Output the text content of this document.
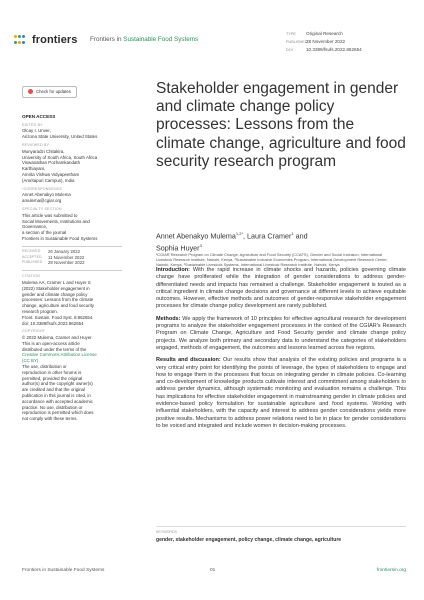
frontiers Frontiers in Sustainable Food Systems
TYPE Original Research
PUBLISHED28 November 2022
DOI	10.3389/fsufs.2022.862654
Check for updates
OPEN ACCESS
EDITED BY
Olcay I. Unver,
Arizona State University, United States
REVIEWED BY
Munyaradzi Chitakira,
University of South Africa, South Africa
Viswanathan Pozhamkandath
Karthiayani,
Amrita Vishwa Vidyapeetham
(Amritapuri Campus), India
*CORRESPONDENCE
Annet Abenakyo Mulema
amulema@cgiar.org
SPECIALTY SECTION
This article was submitted to
Social Movements, Institutions and
Governance,
a section of the journal
Frontiers in Sustainable Food Systems
RECEIVED	26 January 2022
ACCEPTED	11 November 2022
PUBLISHED	28 November 2022
CITATION
Mulema AA, Cramer L and Huyer S
(2022) Stakeholder engagement in
gender and climate change policy
processes: Lessons from the climate
change, agriculture and food security
research program.
Front. Sustain. Food Syst. 6:862654.
doi: 10.3389/fsufs.2022.862654
COPYRIGHT
© 2022 Mulema, Cramer and Huyer.
This is an open-access article
distributed under the terms of the
Creative Commons Attribution License
(CC BY).
The use, distribution or
reproduction in other forums is
permitted, provided the original
author(s) and the copyright owner(s)
are credited and that the original
publication in this journal is cited, in
accordance with accepted academic
practice. No use, distribution or
reproduction is permitted which does
not comply with these terms.
Stakeholder engagement in gender and climate change policy processes: Lessons from the climate change, agriculture and food security research program
Annet Abenakyo Mulema$^{1,2*}$, Laura Cramer$^1$ and
Sophia Huyer$^3$
¹CGIAR Research Program on Climate Change, Agriculture and Food Security (CCAFS), Gender and Social Inclusion, International Livestock Research Institute, Nairobi, Kenya, ²Sustainable Inclusive Economies Program, International Development Research Center, Nairobi, Kenya, ³Sustainable Livestock Systems, International Livestock Research Institute, Nairobi, Kenya

Introduction: With the rapid increase in climate shocks and hazards, policies governing climate change have proliferated while the integration of gender considerations to address gender-differentiated needs and impacts has remained a challenge. Stakeholder engagement is touted as a critical ingredient in climate change decisions and governance at different levels to achieve equitable outcomes. However, effective methods and outcomes of gender-responsive stakeholder engagement processes for climate change policy development are rarely published.

Methods: We apply the framework of 10 principles for effective agricultural research for development programs to analyze the stakeholder engagement processes in the context of the CGIAR's Research Program on Climate Change, Agriculture and Food Security gender and climate change policy projects. We analyze both primary and secondary data to understand the categories of stakeholders engaged, methods of engagement, the outcomes and lessons learned across five regions.

Results and discussion: Our results show that analysis of the existing policies and programs is a very critical entry point for identifying the points of leverage, the types of stakeholders to engage and how to engage them in the processes that focus on integrating gender in climate policies. Co-learning and co-development of knowledge products cultivate interest and commitment among stakeholders to address gender dynamics, although systematic monitoring and evaluation remains a challenge. This has implications for effective stakeholder engagement in mainstreaming gender in climate policies and evidence-based policy formulation for sustainable agriculture and food systems. Working with influential stakeholders, with the capacity and interest to address gender considerations yields more positive results. Mechanisms to address power relations need to be in place for gender considerations to be voiced and integrated and include women in decision-making processes.

KEYWORDS
gender, stakeholder engagement, policy change, climate change, agriculture
Frontiers in Sustainable Food Systems	01	frontiersin.org
